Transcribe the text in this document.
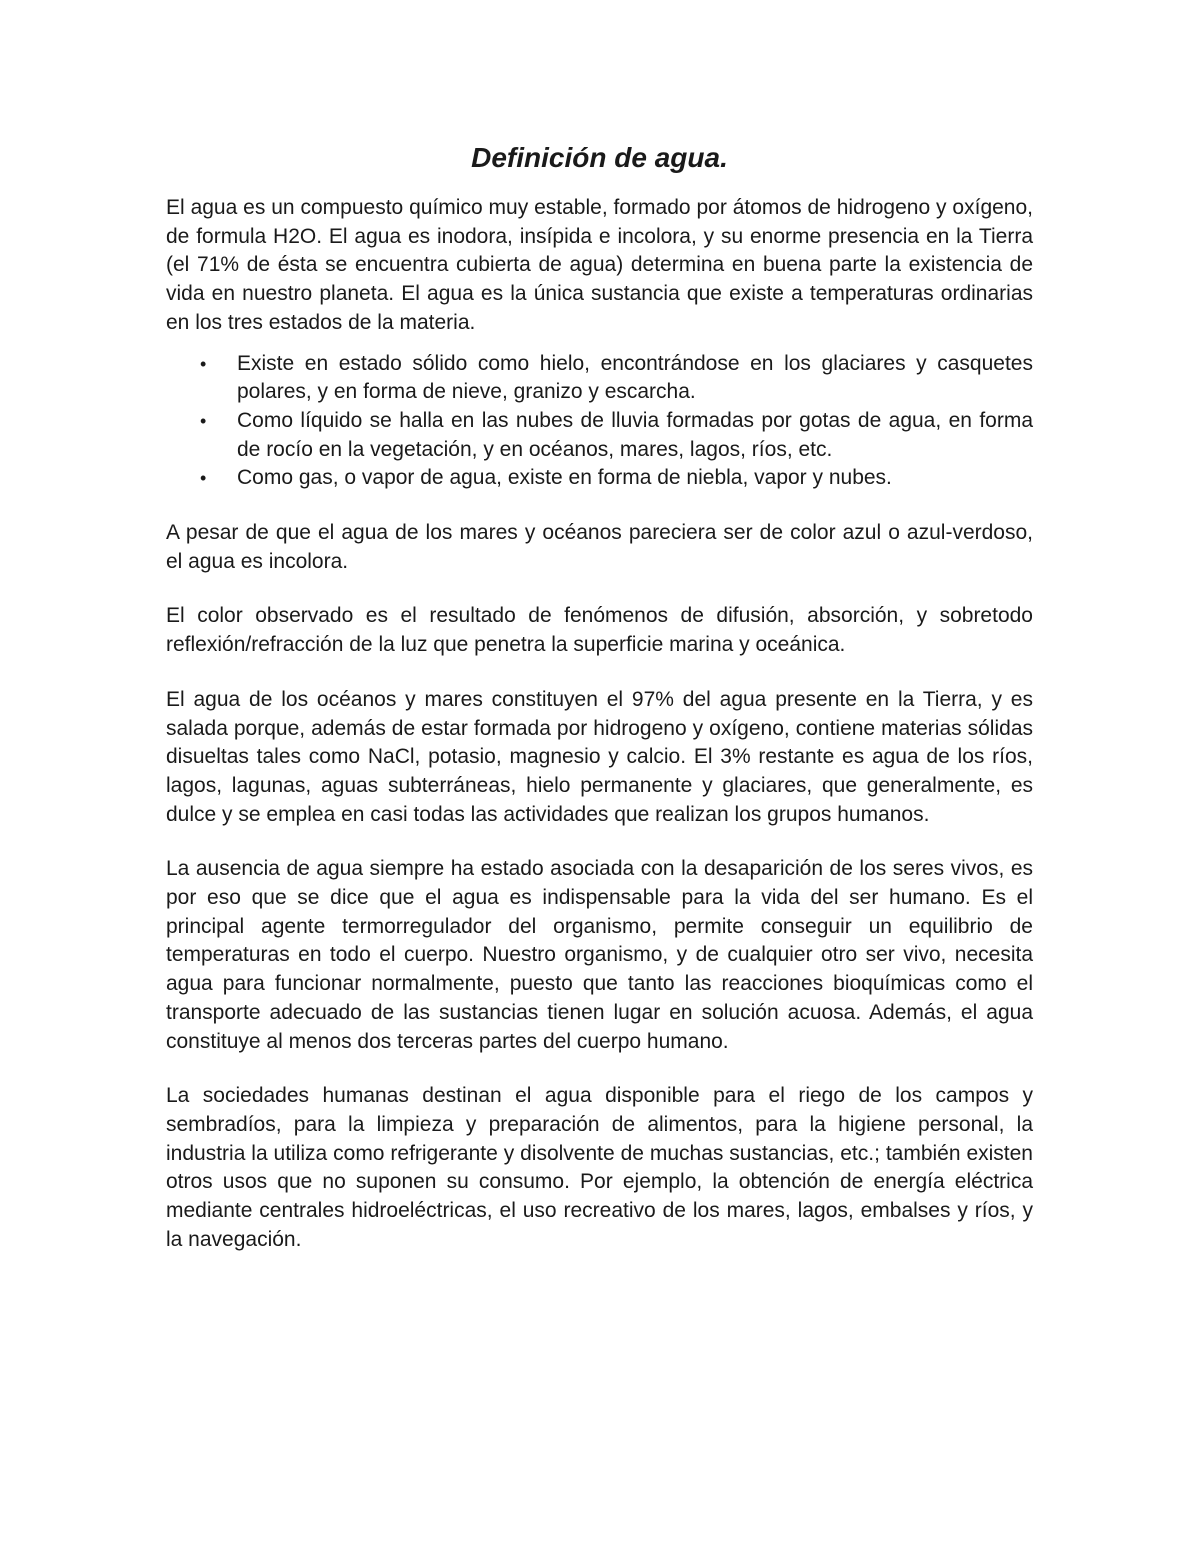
Definición de agua.

El agua es un compuesto químico muy estable, formado por átomos de hidrogeno y oxígeno, de formula H2O. El agua es inodora, insípida e incolora, y su enorme presencia en la Tierra (el 71% de ésta se encuentra cubierta de agua) determina en buena parte la existencia de vida en nuestro planeta. El agua es la única sustancia que existe a temperaturas ordinarias en los tres estados de la materia.

• Existe en estado sólido como hielo, encontrándose en los glaciares y casquetes polares, y en forma de nieve, granizo y escarcha.
• Como líquido se halla en las nubes de lluvia formadas por gotas de agua, en forma de rocío en la vegetación, y en océanos, mares, lagos, ríos, etc.
• Como gas, o vapor de agua, existe en forma de niebla, vapor y nubes.

A pesar de que el agua de los mares y océanos pareciera ser de color azul o azul-verdoso, el agua es incolora.

El color observado es el resultado de fenómenos de difusión, absorción, y sobretodo reflexión/refracción de la luz que penetra la superficie marina y oceánica.

El agua de los océanos y mares constituyen el 97% del agua presente en la Tierra, y es salada porque, además de estar formada por hidrogeno y oxígeno, contiene materias sólidas disueltas tales como NaCl, potasio, magnesio y calcio. El 3% restante es agua de los ríos, lagos, lagunas, aguas subterráneas, hielo permanente y glaciares, que generalmente, es dulce y se emplea en casi todas las actividades que realizan los grupos humanos.

La ausencia de agua siempre ha estado asociada con la desaparición de los seres vivos, es por eso que se dice que el agua es indispensable para la vida del ser humano. Es el principal agente termorregulador del organismo, permite conseguir un equilibrio de temperaturas en todo el cuerpo. Nuestro organismo, y de cualquier otro ser vivo, necesita agua para funcionar normalmente, puesto que tanto las reacciones bioquímicas como el transporte adecuado de las sustancias tienen lugar en solución acuosa. Además, el agua constituye al menos dos terceras partes del cuerpo humano.

La sociedades humanas destinan el agua disponible para el riego de los campos y sembradíos, para la limpieza y preparación de alimentos, para la higiene personal, la industria la utiliza como refrigerante y disolvente de muchas sustancias, etc.; también existen otros usos que no suponen su consumo. Por ejemplo, la obtención de energía eléctrica mediante centrales hidroeléctricas, el uso recreativo de los mares, lagos, embalses y ríos, y la navegación.
